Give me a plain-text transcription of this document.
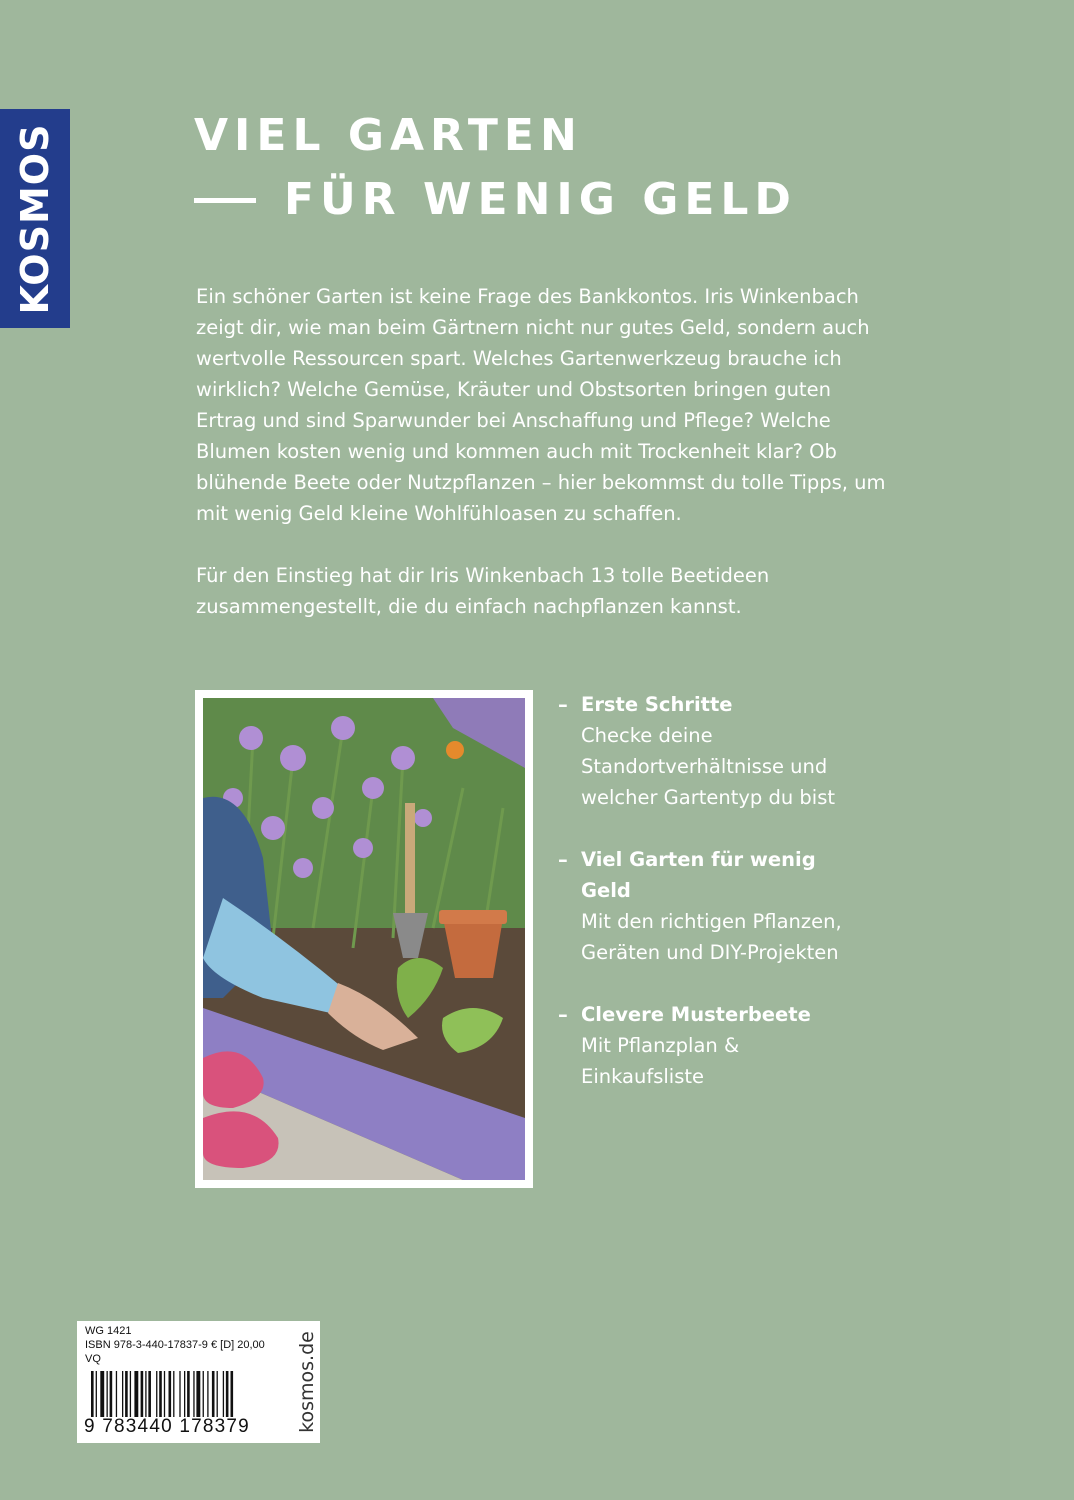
KOSMOS	VIEL GARTEN
FÜR WENIG GELD

Ein schöner Garten ist keine Frage des Bankkontos. Iris Winkenbach zeigt dir, wie man beim Gärtnern nicht nur gutes Geld, sondern auch wertvolle Ressourcen spart. Welches Gartenwerkzeug brauche ich wirklich? Welche Gemüse, Kräuter und Obstsorten bringen guten Ertrag und sind Sparwunder bei Anschaffung und Pflege? Welche Blumen kosten wenig und kommen auch mit Trockenheit klar? Ob blühende Beete oder Nutzpflanzen – hier bekommst du tolle Tipps, um mit wenig Geld kleine Wohlfühloasen zu schaffen.

Für den Einstieg hat dir Iris Winkenbach 13 tolle Beetideen zusammengestellt, die du einfach nachpflanzen kannst.

– Erste Schritte
Checke deine Standortverhältnisse und welcher Gartentyp du bist
– Viel Garten für wenig Geld
Mit den richtigen Pflanzen, Geräten und DIY-Projekten
– Clevere Musterbeete
Mit Pflanzplan & Einkaufsliste
WG 1421
ISBN 978-3-440-17837-9 € [D] 20,00
VQ
9 783440 178379 kosmos.de
